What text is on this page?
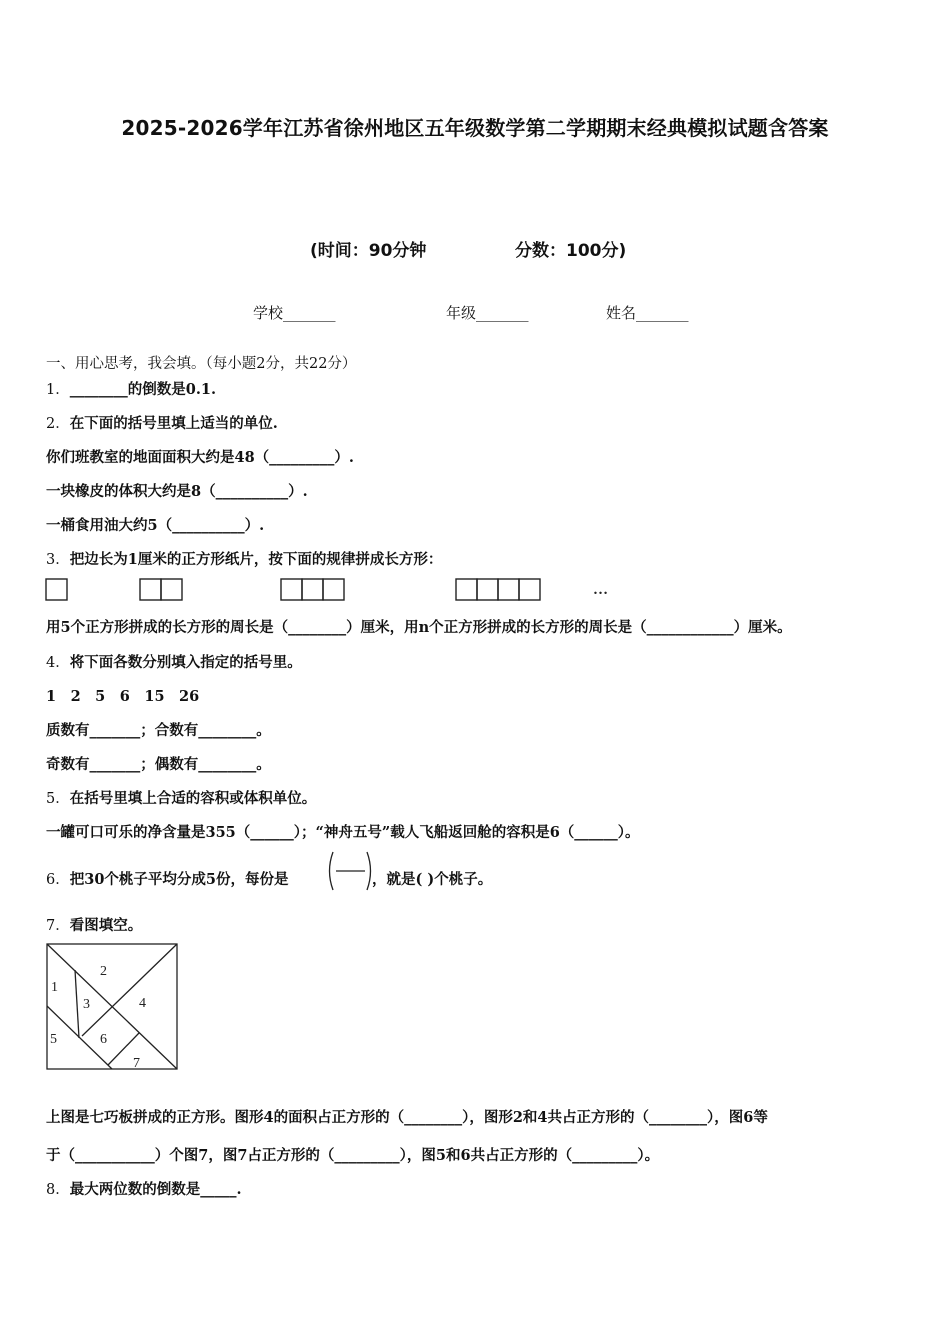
2025-2026学年江苏省徐州地区五年级数学第二学期期末经典模拟试题含答案
(时间：90分钟	分数：100分)
学校_______	年级_______	姓名_______
一、用心思考，我会填。（每小题2分，共22分）
1．________的倒数是0.1.
2．在下面的括号里填上适当的单位.
你们班教室的地面面积大约是48（_________）.
一块橡皮的体积大约是8（__________）.
一桶食用油大约5（__________）.
3．把边长为1厘米的正方形纸片，按下面的规律拼成长方形：
…
用5个正方形拼成的长方形的周长是（________）厘米，用n个正方形拼成的长方形的周长是（____________）厘米。
4．将下面各数分别填入指定的括号里。
1　2　5　6　15　26
质数有_______；合数有________。
奇数有_______；偶数有________。
5．在括号里填上合适的容积或体积单位。
一罐可口可乐的净含量是355（______）；“神舟五号”载人飞船返回舱的容积是6（______）。
6．把30个桃子平均分成5份，每份是	，就是( )个桃子。
7．看图填空。
1
2
3	4
5	6
7
上图是七巧板拼成的正方形。图形4的面积占正方形的（________），图形2和4共占正方形的（________），图6等
于（___________）个图7，图7占正方形的（_________），图5和6共占正方形的（_________）。
8．最大两位数的倒数是_____.
